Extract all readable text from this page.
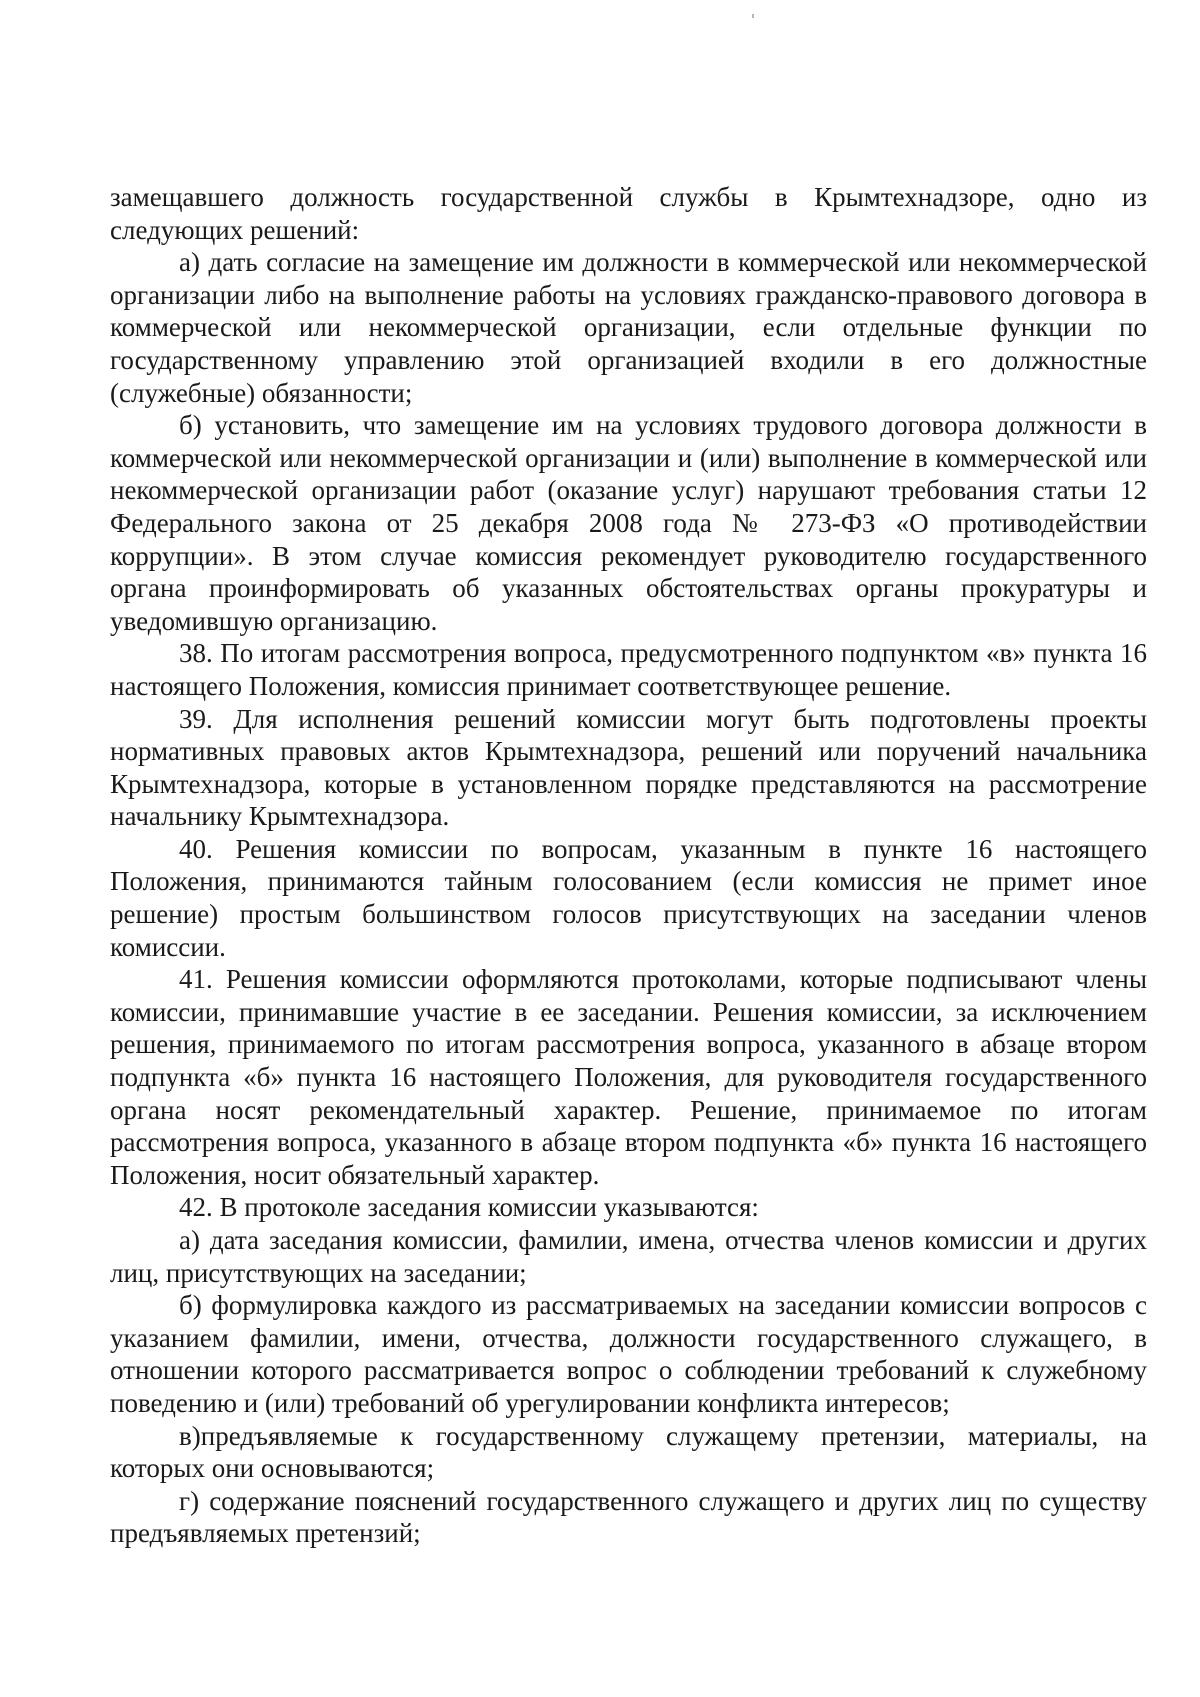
замещавшего должность государственной службы в Крымтехнадзоре, одно из следующих решений:

а) дать согласие на замещение им должности в коммерческой или некоммерческой организации либо на выполнение работы на условиях гражданско-правового договора в коммерческой или некоммерческой организации, если отдельные функции по государственному управлению этой организацией входили в его должностные (служебные) обязанности;

б) установить, что замещение им на условиях трудового договора должности в коммерческой или некоммерческой организации и (или) выполнение в коммерческой или некоммерческой организации работ (оказание услуг) нарушают требования статьи 12 Федерального закона от 25 декабря 2008 года № 273-ФЗ «О противодействии коррупции». В этом случае комиссия рекомендует руководителю государственного органа проинформировать об указанных обстоятельствах органы прокуратуры и уведомившую организацию.

38. По итогам рассмотрения вопроса, предусмотренного подпунктом «в» пункта 16 настоящего Положения, комиссия принимает соответствующее решение.

39. Для исполнения решений комиссии могут быть подготовлены проекты нормативных правовых актов Крымтехнадзора, решений или поручений начальника Крымтехнадзора, которые в установленном порядке представляются на рассмотрение начальнику Крымтехнадзора.

40. Решения комиссии по вопросам, указанным в пункте 16 настоящего Положения, принимаются тайным голосованием (если комиссия не примет иное решение) простым большинством голосов присутствующих на заседании членов комиссии.

41. Решения комиссии оформляются протоколами, которые подписывают члены комиссии, принимавшие участие в ее заседании. Решения комиссии, за исключением решения, принимаемого по итогам рассмотрения вопроса, указанного в абзаце втором подпункта «б» пункта 16 настоящего Положения, для руководителя государственного органа носят рекомендательный характер. Решение, принимаемое по итогам рассмотрения вопроса, указанного в абзаце втором подпункта «б» пункта 16 настоящего Положения, носит обязательный характер.

42. В протоколе заседания комиссии указываются:

а) дата заседания комиссии, фамилии, имена, отчества членов комиссии и других лиц, присутствующих на заседании;

б) формулировка каждого из рассматриваемых на заседании комиссии вопросов с указанием фамилии, имени, отчества, должности государственного служащего, в отношении которого рассматривается вопрос о соблюдении требований к служебному поведению и (или) требований об урегулировании конфликта интересов;

в)предъявляемые к государственному служащему претензии, материалы, на которых они основываются;

г) содержание пояснений государственного служащего и других лиц по существу предъявляемых претензий;
